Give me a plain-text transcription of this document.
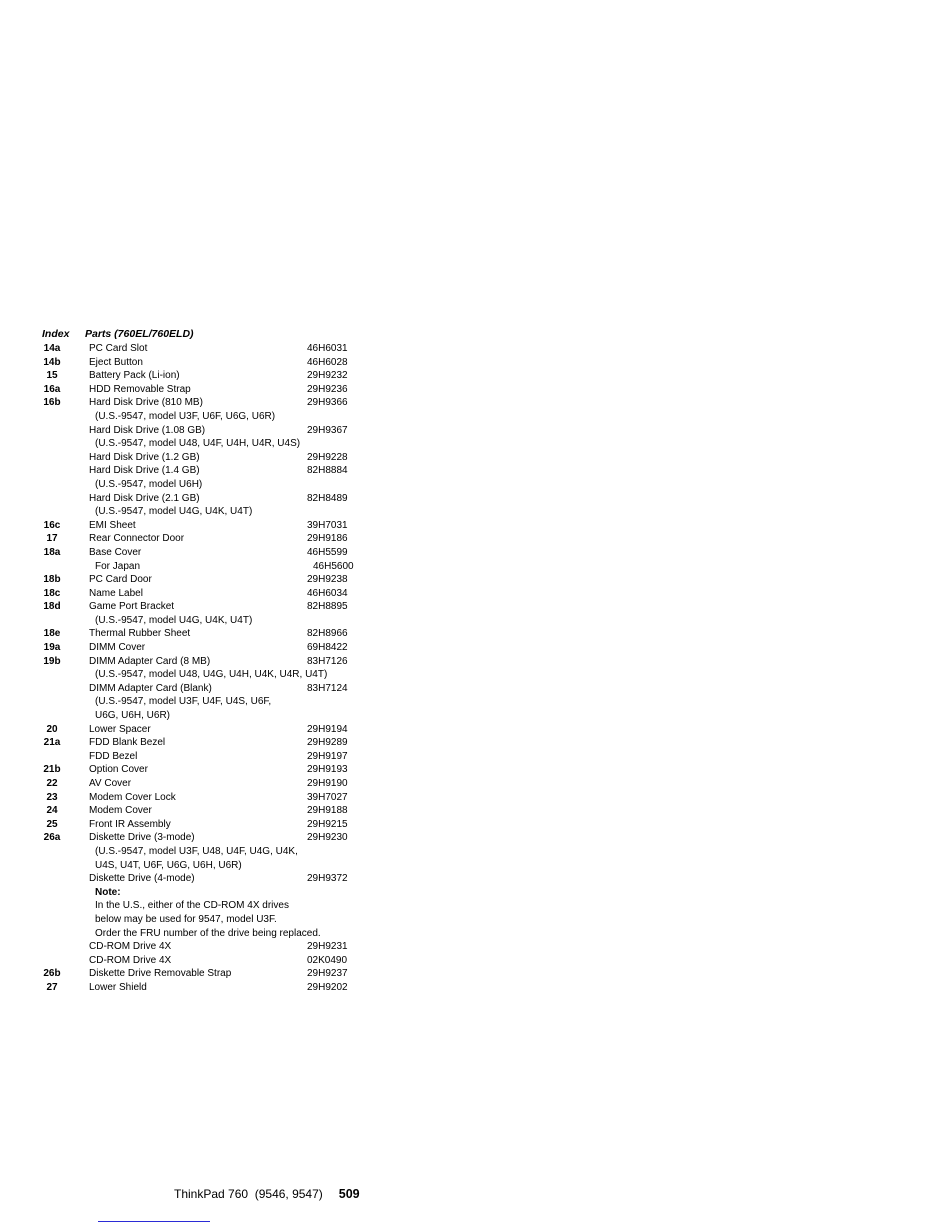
Index	Parts (760EL/760ELD)
14a	PC Card Slot	46H6031
14b	Eject Button	46H6028
15	Battery Pack (Li-ion)	29H9232
16a	HDD Removable Strap	29H9236
16b	Hard Disk Drive (810 MB)	29H9366
(U.S.-9547, model U3F, U6F, U6G, U6R)
Hard Disk Drive (1.08 GB)	29H9367
(U.S.-9547, model U48, U4F, U4H, U4R, U4S)
Hard Disk Drive (1.2 GB)	29H9228
Hard Disk Drive (1.4 GB)	82H8884
(U.S.-9547, model U6H)
Hard Disk Drive (2.1 GB)	82H8489
(U.S.-9547, model U4G, U4K, U4T)
16c	EMI Sheet	39H7031
17	Rear Connector Door	29H9186
18a	Base Cover	46H5599
For Japan	46H5600
18b	PC Card Door	29H9238
18c	Name Label	46H6034
18d	Game Port Bracket	82H8895
(U.S.-9547, model U4G, U4K, U4T)
18e	Thermal Rubber Sheet	82H8966
19a	DIMM Cover	69H8422
19b	DIMM Adapter Card (8 MB)	83H7126
(U.S.-9547, model U48, U4G, U4H, U4K, U4R, U4T)
DIMM Adapter Card (Blank)	83H7124
(U.S.-9547, model U3F, U4F, U4S, U6F,
U6G, U6H, U6R)
20	Lower Spacer	29H9194
21a	FDD Blank Bezel	29H9289
FDD Bezel	29H9197
21b	Option Cover	29H9193
22	AV Cover	29H9190
23	Modem Cover Lock	39H7027
24	Modem Cover	29H9188
25	Front IR Assembly	29H9215
26a	Diskette Drive (3-mode)	29H9230
(U.S.-9547, model U3F, U48, U4F, U4G, U4K,
U4S, U4T, U6F, U6G, U6H, U6R)
Diskette Drive (4-mode)	29H9372
Note:
In the U.S., either of the CD-ROM 4X drives
below may be used for 9547, model U3F.
Order the FRU number of the drive being replaced.
CD-ROM Drive 4X	29H9231
CD-ROM Drive 4X	02K0490
26b	Diskette Drive Removable Strap	29H9237
27	Lower Shield	29H9202
ThinkPad 760  (9546, 9547) 509
